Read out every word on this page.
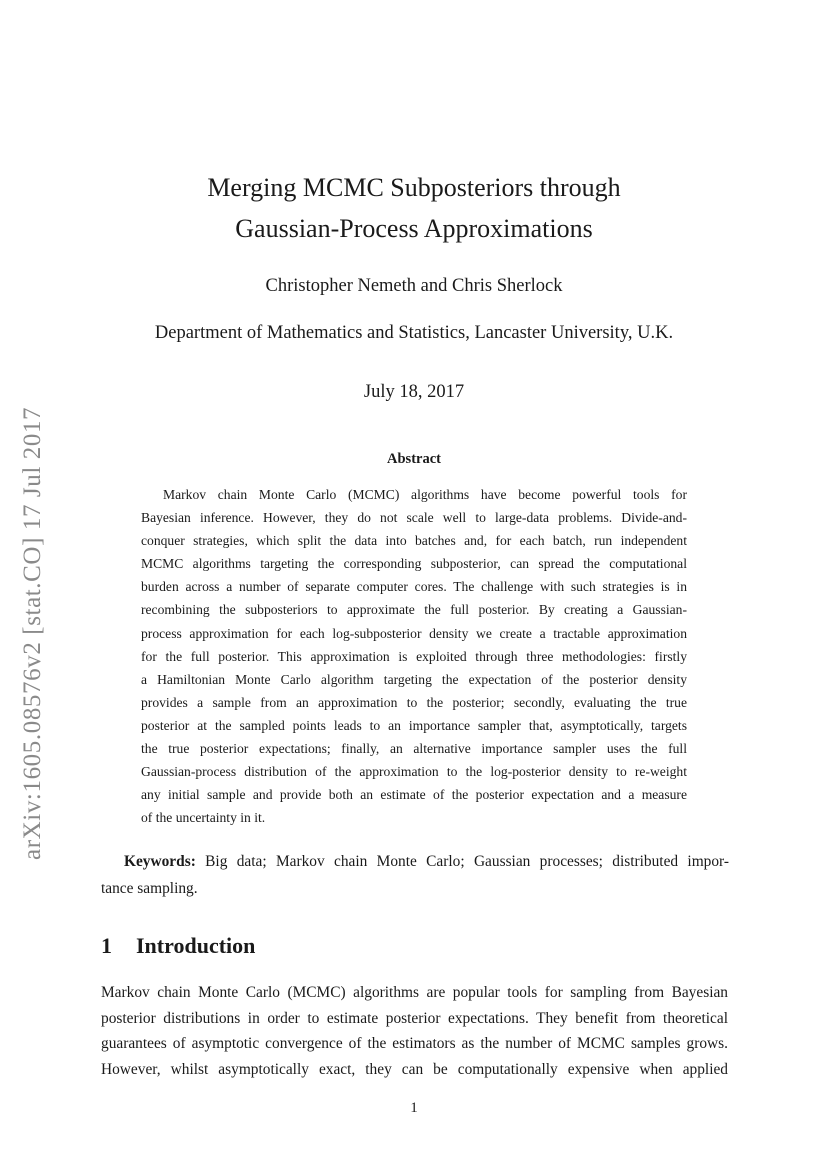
arXiv:1605.08576v2 [stat.CO] 17 Jul 2017
Merging MCMC Subposteriors through
Gaussian-Process Approximations
Christopher Nemeth and Chris Sherlock
Department of Mathematics and Statistics, Lancaster University, U.K.
July 18, 2017
Abstract
Markov chain Monte Carlo (MCMC) algorithms have become powerful tools for
Bayesian inference. However, they do not scale well to large-data problems. Divide-and-
conquer strategies, which split the data into batches and, for each batch, run independent
MCMC algorithms targeting the corresponding subposterior, can spread the computational
burden across a number of separate computer cores. The challenge with such strategies is in
recombining the subposteriors to approximate the full posterior. By creating a Gaussian-
process approximation for each log-subposterior density we create a tractable approximation
for the full posterior. This approximation is exploited through three methodologies: firstly
a Hamiltonian Monte Carlo algorithm targeting the expectation of the posterior density
provides a sample from an approximation to the posterior; secondly, evaluating the true
posterior at the sampled points leads to an importance sampler that, asymptotically, targets
the true posterior expectations; finally, an alternative importance sampler uses the full
Gaussian-process distribution of the approximation to the log-posterior density to re-weight
any initial sample and provide both an estimate of the posterior expectation and a measure
of the uncertainty in it.
Keywords: Big data; Markov chain Monte Carlo; Gaussian processes; distributed impor-
tance sampling.
1 Introduction
Markov chain Monte Carlo (MCMC) algorithms are popular tools for sampling from Bayesian
posterior distributions in order to estimate posterior expectations. They benefit from theoretical
guarantees of asymptotic convergence of the estimators as the number of MCMC samples grows.
However, whilst asymptotically exact, they can be computationally expensive when applied
1
